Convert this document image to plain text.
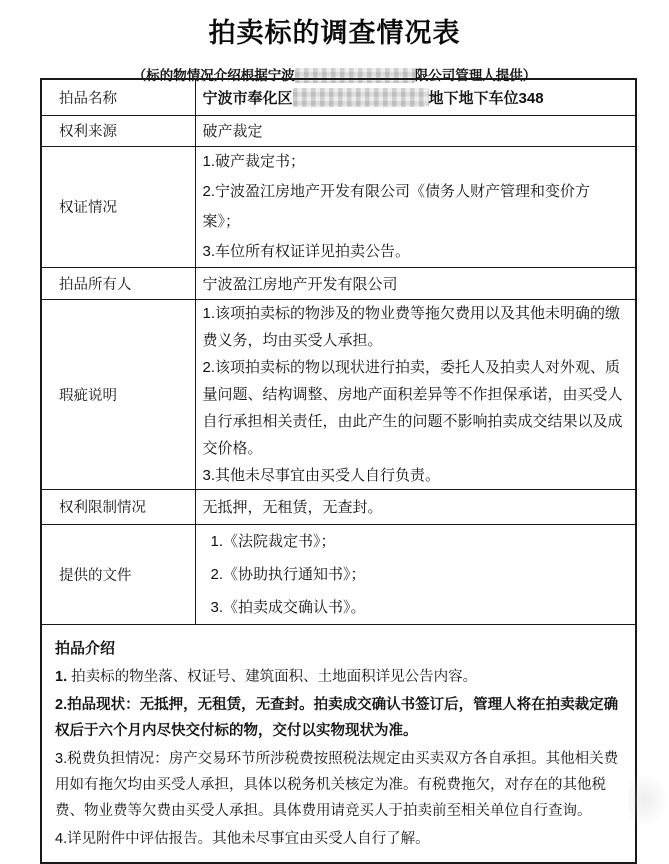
拍卖标的调查情况表
（标的物情况介绍根据宁波	限公司管理人提供）
拍品名称	宁波市奉化区 地下地下车位348
权利来源	破产裁定
权证情况	1.破产裁定书；

2.宁波盈江房地产开发有限公司《债务人财产管理和变价方案》；

3.车位所有权证详见拍卖公告。

拍品所有人	宁波盈江房地产开发有限公司
瑕疵说明	1.该项拍卖标的物涉及的物业费等拖欠费用以及其他未明确的缴费义务，均由买受人承担。

2.该项拍卖标的物以现状进行拍卖，委托人及拍卖人对外观、质量问题、结构调整、房地产面积差异等不作担保承诺，由买受人自行承担相关责任，由此产生的问题不影响拍卖成交结果以及成交价格。

3.其他未尽事宜由买受人自行负责。

权利限制情况	无抵押，无租赁，无查封。
提供的文件	1.《法院裁定书》；

2.《协助执行通知书》；

3.《拍卖成交确认书》。

拍品介绍

1. 拍卖标的物坐落、权证号、建筑面积、土地面积详见公告内容。

2.拍品现状：无抵押，无租赁，无查封。拍卖成交确认书签订后，管理人将在拍卖裁定确权后于六个月内尽快交付标的物，交付以实物现状为准。

3.税费负担情况：房产交易环节所涉税费按照税法规定由买卖双方各自承担。其他相关费用如有拖欠均由买受人承担，具体以税务机关核定为准。有税费拖欠，对存在的其他税费、物业费等欠费由买受人承担。具体费用请竞买人于拍卖前至相关单位自行查询。

4.详见附件中评估报告。其他未尽事宜由买受人自行了解。	
